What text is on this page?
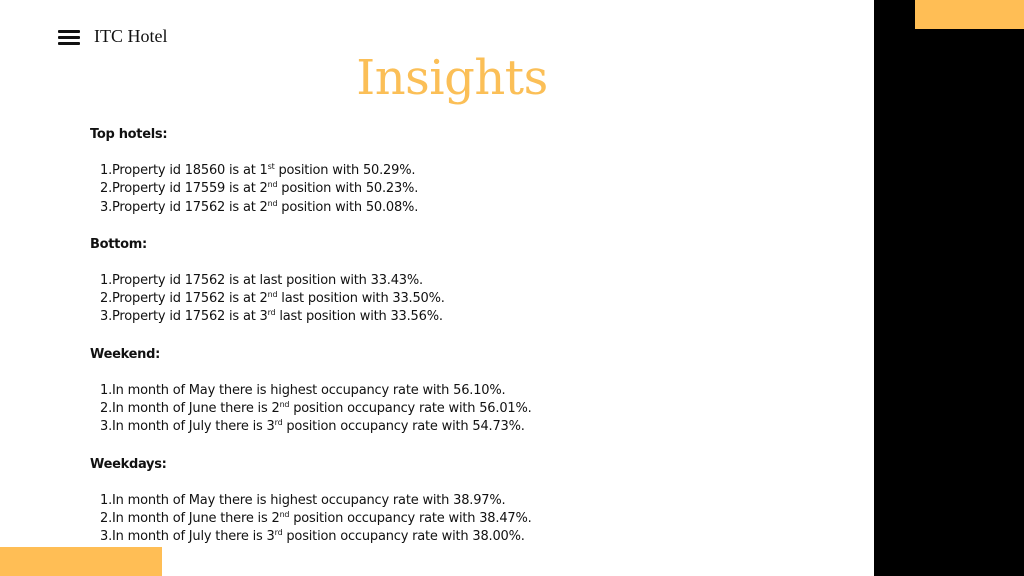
ITC Hotel
Insights
Top hotels:
1. Property id 18560 is at 1st position with 50.29%.
2. Property id 17559 is at 2nd position with 50.23%.
3. Property id 17562 is at 2nd position with 50.08%.
Bottom:
1. Property id 17562 is at last position with 33.43%.
2. Property id 17562 is at 2nd last position with 33.50%.
3. Property id 17562 is at 3rd last position with 33.56%.
Weekend:
1. In month of May there is highest occupancy rate with 56.10%.
2. In month of June there is 2nd position occupancy rate with 56.01%.
3. In month of July there is 3rd position occupancy rate with 54.73%.
Weekdays:
1. In month of May there is highest occupancy rate with 38.97%.
2. In month of June there is 2nd position occupancy rate with 38.47%.
3. In month of July there is 3rd position occupancy rate with 38.00%.
